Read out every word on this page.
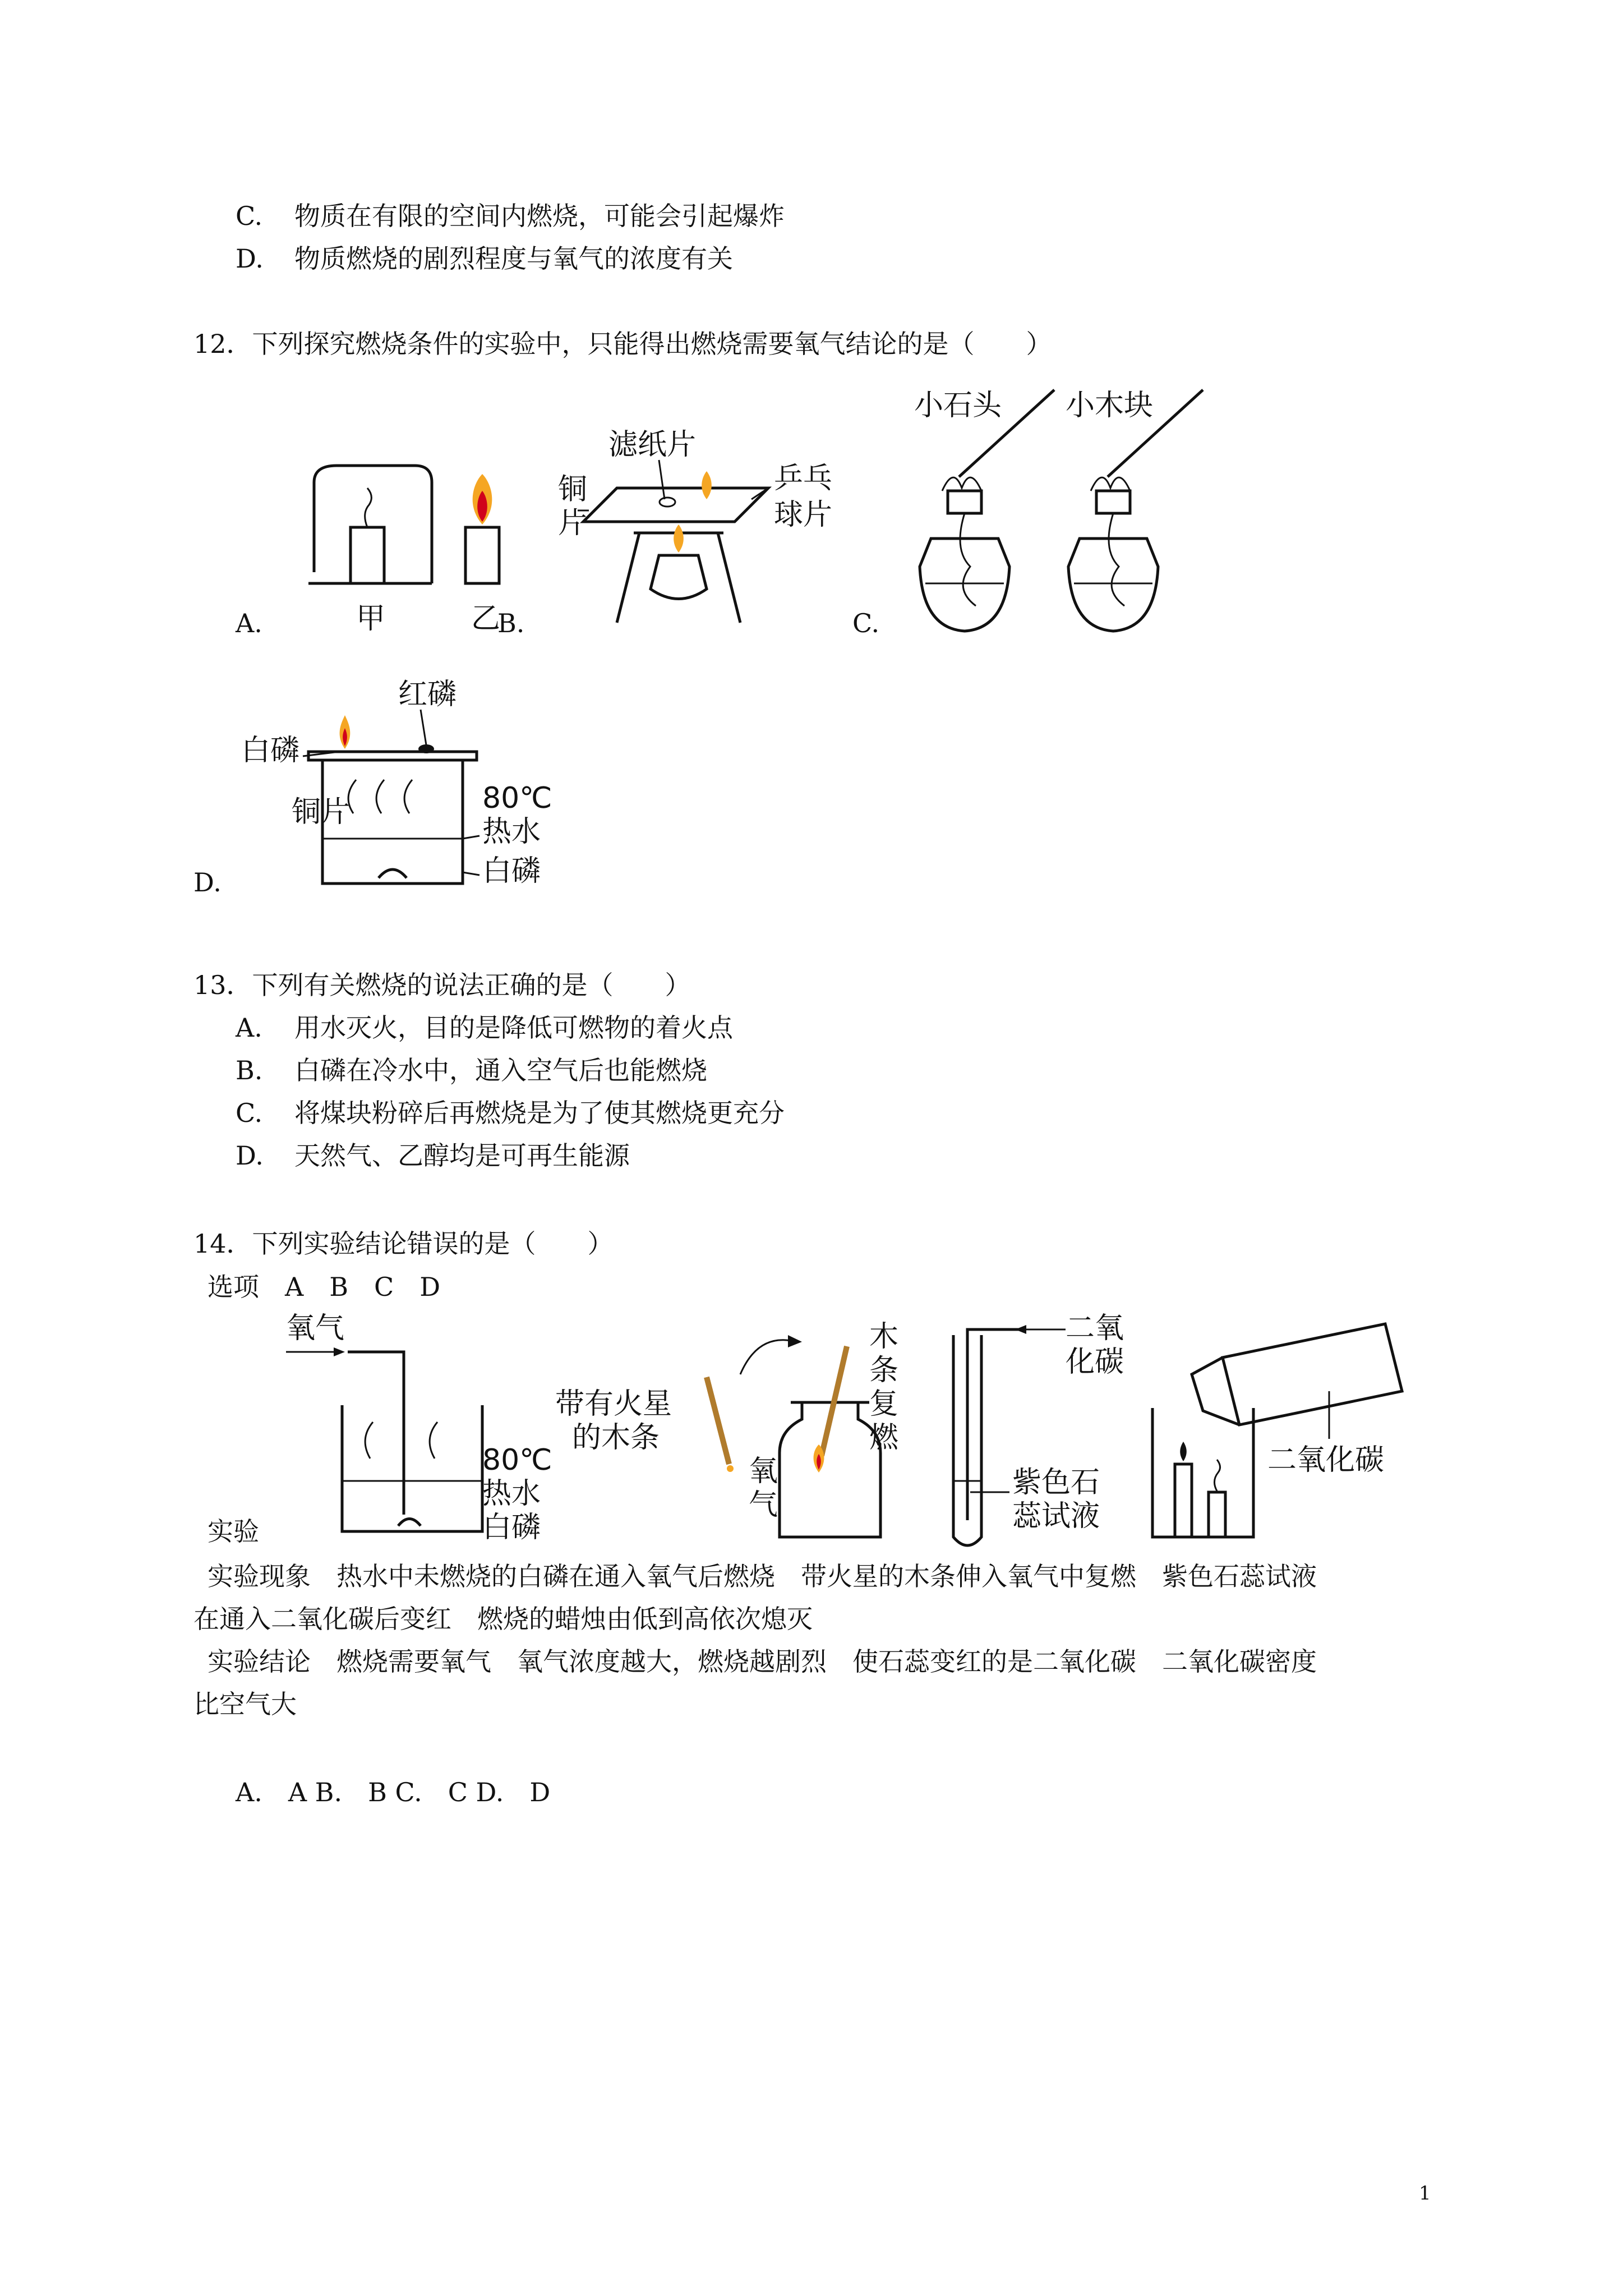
C. 物质在有限的空间内燃烧，可能会引起爆炸
D. 物质燃烧的剧烈程度与氧气的浓度有关
12．下列探究燃烧条件的实验中，只能得出燃烧需要氧气结论的是（　　）
甲	乙
A.	B.
滤纸片
铜
片
乒乓
球片
C.
小石头 小木块
红磷
白磷
铜片	80℃
热水
白磷
D.
13．下列有关燃烧的说法正确的是（　　）
A. 用水灭火，目的是降低可燃物的着火点
B. 白磷在冷水中，通入空气后也能燃烧
C. 将煤块粉碎后再燃烧是为了使其燃烧更充分
D. 天然气、乙醇均是可再生能源
14．下列实验结论错误的是（　　）
选项　A　B　C　D
氧气
80℃
热水
白磷
实验
带有火星
的木条
氧
气
木
条
复
燃
二氧
化碳
紫色石
蕊试液
二氧化碳
实验现象　热水中未燃烧的白磷在通入氧气后燃烧　带火星的木条伸入氧气中复燃　紫色石蕊试液
在通入二氧化碳后变红　燃烧的蜡烛由低到高依次熄灭
实验结论　燃烧需要氧气　氧气浓度越大，燃烧越剧烈　使石蕊变红的是二氧化碳　二氧化碳密度
比空气大
A.　A B.　B C.　C D.　D
1
